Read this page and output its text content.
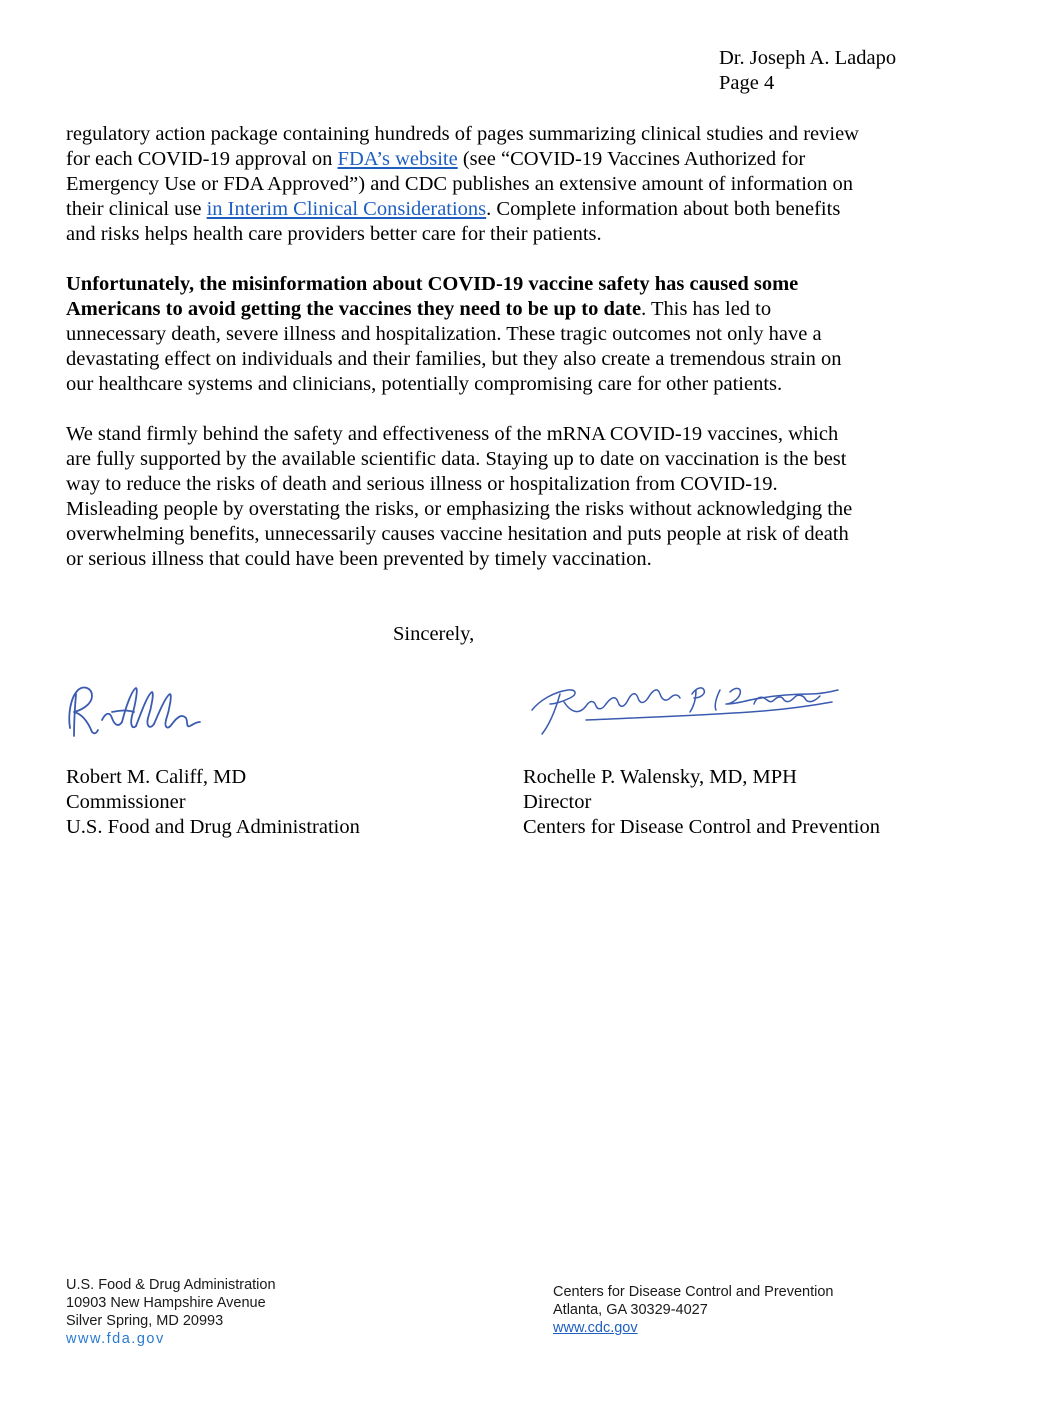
Dr. Joseph A. Ladapo
Page 4

regulatory action package containing hundreds of pages summarizing clinical studies and review
for each COVID-19 approval on FDA’s website (see “COVID-19 Vaccines Authorized for
Emergency Use or FDA Approved”) and CDC publishes an extensive amount of information on
their clinical use in Interim Clinical Considerations. Complete information about both benefits
and risks helps health care providers better care for their patients.

Unfortunately, the misinformation about COVID-19 vaccine safety has caused some
Americans to avoid getting the vaccines they need to be up to date. This has led to
unnecessary death, severe illness and hospitalization. These tragic outcomes not only have a
devastating effect on individuals and their families, but they also create a tremendous strain on
our healthcare systems and clinicians, potentially compromising care for other patients.

We stand firmly behind the safety and effectiveness of the mRNA COVID-19 vaccines, which
are fully supported by the available scientific data. Staying up to date on vaccination is the best
way to reduce the risks of death and serious illness or hospitalization from COVID-19.
Misleading people by overstating the risks, or emphasizing the risks without acknowledging the
overwhelming benefits, unnecessarily causes vaccine hesitation and puts people at risk of death
or serious illness that could have been prevented by timely vaccination.

Sincerely,
Robert M. Califf, MD
Commissioner
U.S. Food and Drug Administration
Rochelle P. Walensky, MD, MPH
Director
Centers for Disease Control and Prevention
U.S. Food & Drug Administration
10903 New Hampshire Avenue
Silver Spring, MD 20993
www.fda.gov
Centers for Disease Control and Prevention
Atlanta, GA 30329-4027
www.cdc.gov
